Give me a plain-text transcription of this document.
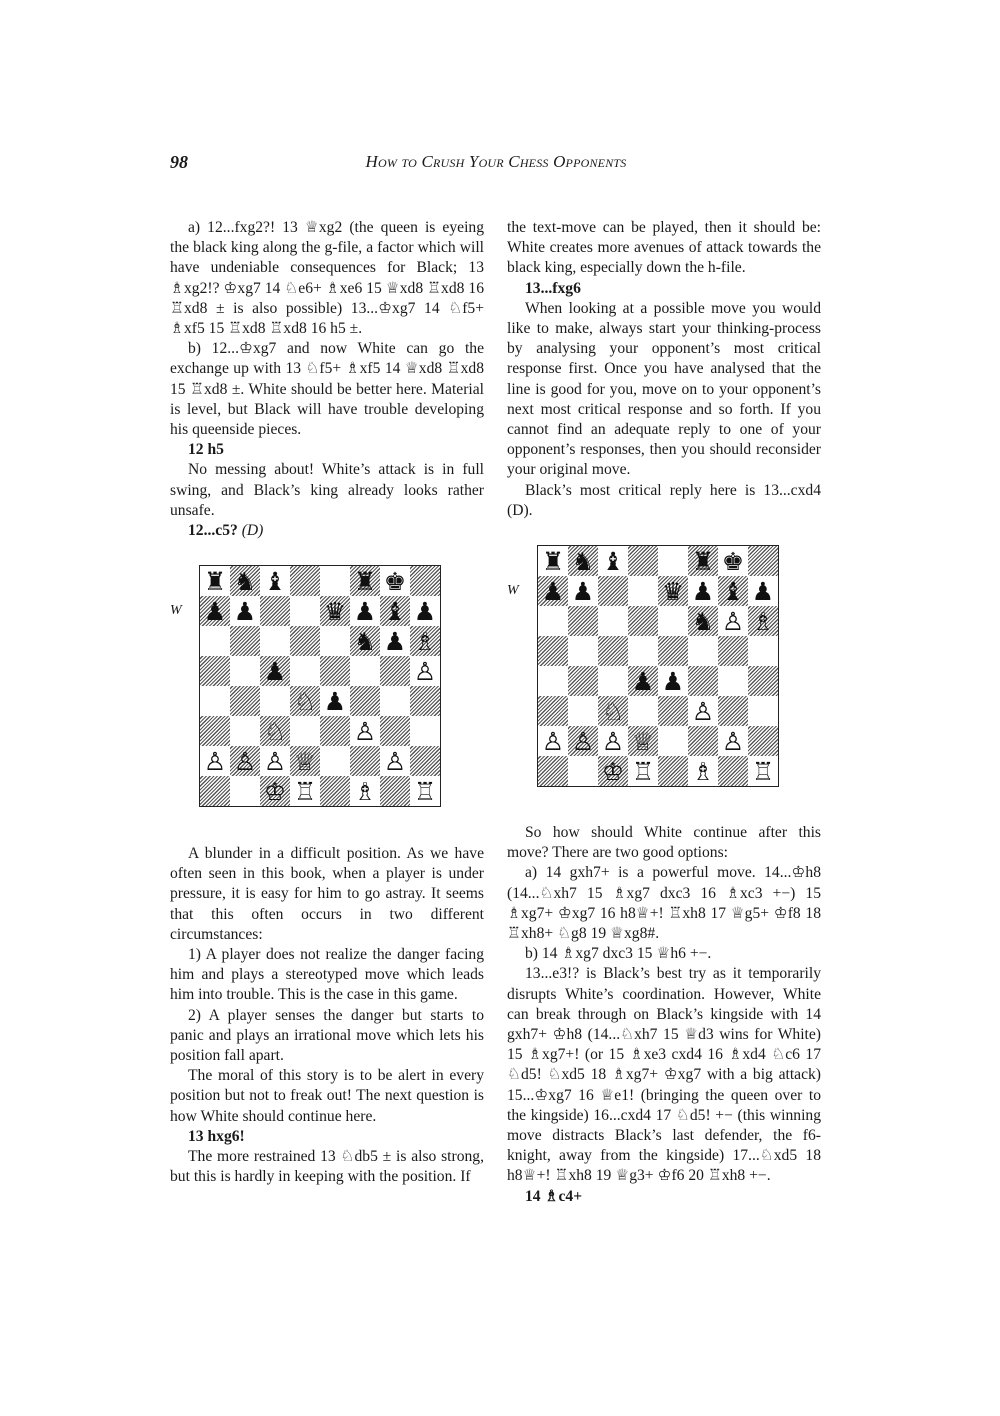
98	How to Crush Your Chess Opponents

a) 12...fxg2?! 13 ♕xg2 (the queen is eyeing the black king along the g-file, a factor which will have undeniable consequences for Black; 13 ♗xg2!? ♔xg7 14 ♘e6+ ♗xe6 15 ♕xd8 ♖xd8 16 ♖xd8 ± is also possible) 13...♔xg7 14 ♘f5+ ♗xf5 15 ♖xd8 ♖xd8 16 h5 ±.

b) 12...♔xg7 and now White can go the exchange up with 13 ♘f5+ ♗xf5 14 ♕xd8 ♖xd8 15 ♖xd8 ±. White should be better here. Material is level, but Black will have trouble developing his queenside pieces.

12 h5

No messing about! White’s attack is in full swing, and Black’s king already looks rather unsafe.

12...c5? (D)

A blunder in a difficult position. As we have often seen in this book, when a player is under pressure, it is easy for him to go astray. It seems that this often occurs in two different circumstances:

1) A player does not realize the danger facing him and plays a stereotyped move which leads him into trouble. This is the case in this game.

2) A player senses the danger but starts to panic and plays an irrational move which lets his position fall apart.

The moral of this story is to be alert in every position but not to freak out! The next question is how White should continue here.

13 hxg6!

The more restrained 13 ♘db5 ± is also strong, but this is hardly in keeping with the position. If

the text-move can be played, then it should be: White creates more avenues of attack towards the black king, especially down the h-file.

13...fxg6

When looking at a possible move you would like to make, always start your thinking-process by analysing your opponent’s most critical response first. Once you have analysed that the line is good for you, move on to your opponent’s next most critical response and so forth. If you cannot find an adequate reply to one of your opponent’s responses, then you should reconsider your original move.

Black’s most critical reply here is 13...cxd4 (D).

So how should White continue after this move? There are two good options:

a) 14 gxh7+ is a powerful move. 14...♔h8 (14...♘xh7 15 ♗xg7 dxc3 16 ♗xc3 +−) 15 ♗xg7+ ♔xg7 16 h8♕+! ♖xh8 17 ♕g5+ ♔f8 18 ♖xh8+ ♘g8 19 ♕xg8#.

b) 14 ♗xg7 dxc3 15 ♕h6 +−.

13...e3!? is Black’s best try as it temporarily disrupts White’s coordination. However, White can break through on Black’s kingside with 14 gxh7+ ♔h8 (14...♘xh7 15 ♕d3 wins for White) 15 ♗xg7+! (or 15 ♗xe3 cxd4 16 ♗xd4 ♘c6 17 ♘d5! ♘xd5 18 ♗xg7+ ♔xg7 with a big attack) 15...♔xg7 16 ♕e1! (bringing the queen over to the kingside) 16...cxd4 17 ♘d5! +− (this winning move distracts Black’s last defender, the f6-knight, away from the kingside) 17...♘xd5 18 h8♕+! ♖xh8 19 ♕g3+ ♔f6 20 ♖xh8 +−.

14 ♗c4+

W
♜ ♞ ♝	♜ ♚
♟ ♟	♛ ♟ ♝ ♟
♞ ♟ ♗
♟	♙
♘ ♟
♘	♙
♙ ♙ ♙ ♕	♙
♔ ♖ ♗ ♖
W
♜ ♞ ♝	♜ ♚
♟ ♟	♛ ♟ ♝ ♟
♞ ♙ ♗
♟ ♟
♘	♙
♙ ♙ ♙ ♕	♙
♔ ♖ ♗ ♖
